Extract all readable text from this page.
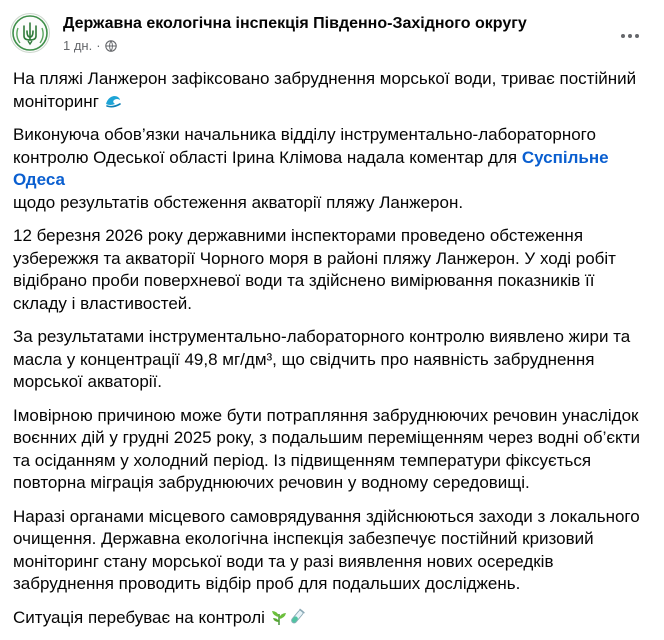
Державна екологічна інспекція Південно-Західного округу
1 дн. ·

На пляжі Ланжерон зафіксовано забруднення морської води, триває постійний
моніторинг

Виконуюча обов’язки начальника відділу інструментально-лабораторного
контролю Одеської області Ірина Клімова надала коментар для Суспільне Одеса
щодо результатів обстеження акваторії пляжу Ланжерон.

12 березня 2026 року державними інспекторами проведено обстеження
узбережжя та акваторії Чорного моря в районі пляжу Ланжерон. У ході робіт
відібрано проби поверхневої води та здійснено вимірювання показників її
складу і властивостей.

За результатами інструментально-лабораторного контролю виявлено жири та
масла у концентрації 49,8 мг/дм³, що свідчить про наявність забруднення
морської акваторії.

Імовірною причиною може бути потрапляння забруднюючих речовин унаслідок
воєнних дій у грудні 2025 року, з подальшим переміщенням через водні об’єкти
та осіданням у холодний період. Із підвищенням температури фіксується
повторна міграція забруднюючих речовин у водному середовищі.

Наразі органами місцевого самоврядування здійснюються заходи з локального
очищення. Державна екологічна інспекція забезпечує постійний кризовий
моніторинг стану морської води та у разі виявлення нових осередків
забруднення проводить відбір проб для подальших досліджень.

Ситуація перебуває на контролі
